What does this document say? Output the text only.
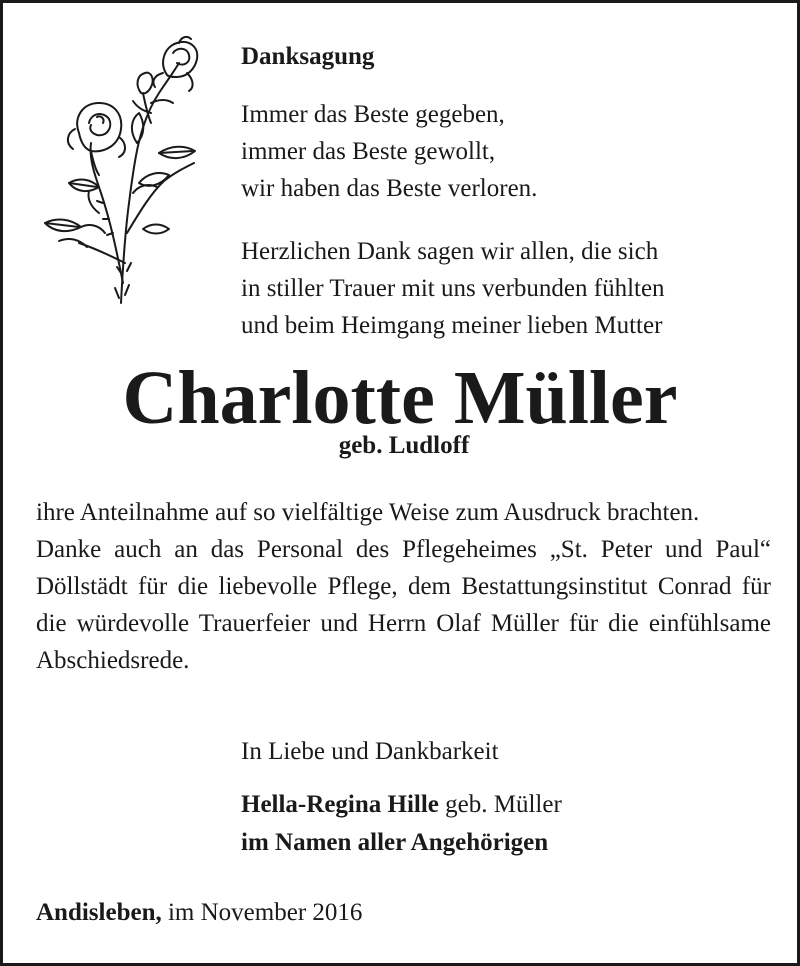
Danksagung
Immer das Beste gegeben,
immer das Beste gewollt,
wir haben das Beste verloren.
Herzlichen Dank sagen wir allen, die sich
in stiller Trauer mit uns verbunden fühlten
und beim Heimgang meiner lieben Mutter
Charlotte Müller
geb. Ludloff

ihre Anteilnahme auf so vielfältige Weise zum Ausdruck brachten.

Danke auch an das Personal des Pflegeheimes „St. Peter und Paul“ Döllstädt für die liebevolle Pflege, dem Bestattungsinstitut Conrad für die würdevolle Trauerfeier und Herrn Olaf Müller für die einfühlsame Abschiedsrede.

In Liebe und Dankbarkeit
Hella-Regina Hille geb. Müller
im Namen aller Angehörigen
Andisleben, im November 2016
